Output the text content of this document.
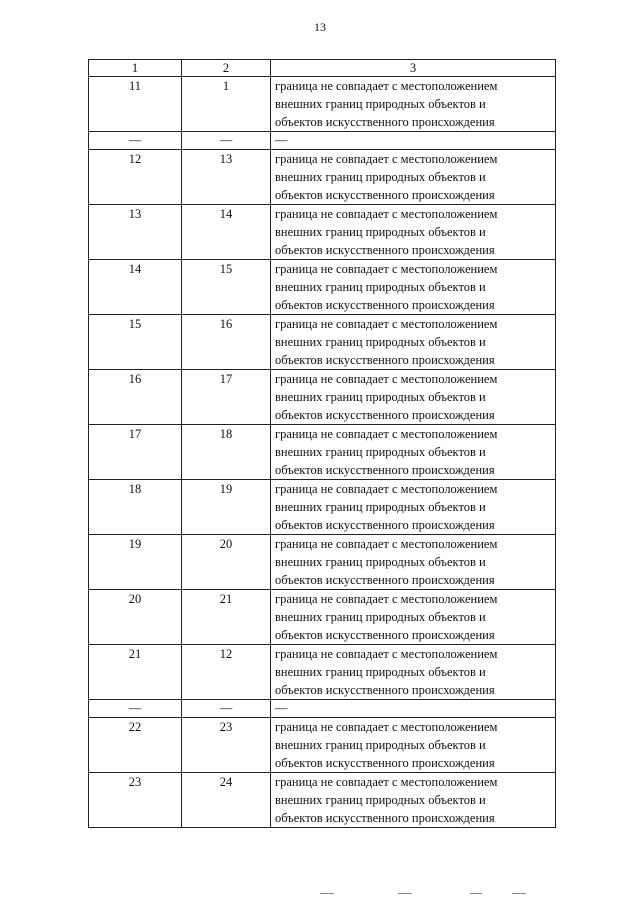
13
1	2	3
11	1	граница не совпадает с местоположением
внешних границ природных объектов и
объектов искусственного происхождения

—	—	—

12	13	граница не совпадает с местоположением
внешних границ природных объектов и
объектов искусственного происхождения

13	14	граница не совпадает с местоположением
внешних границ природных объектов и
объектов искусственного происхождения

14	15	граница не совпадает с местоположением
внешних границ природных объектов и
объектов искусственного происхождения

15	16	граница не совпадает с местоположением
внешних границ природных объектов и
объектов искусственного происхождения

16	17	граница не совпадает с местоположением
внешних границ природных объектов и
объектов искусственного происхождения

17	18	граница не совпадает с местоположением
внешних границ природных объектов и
объектов искусственного происхождения

18	19	граница не совпадает с местоположением
внешних границ природных объектов и
объектов искусственного происхождения

19	20	граница не совпадает с местоположением
внешних границ природных объектов и
объектов искусственного происхождения

20	21	граница не совпадает с местоположением
внешних границ природных объектов и
объектов искусственного происхождения

21	12	граница не совпадает с местоположением
внешних границ природных объектов и
объектов искусственного происхождения

—	—	—

22	23	граница не совпадает с местоположением
внешних границ природных объектов и
объектов искусственного происхождения

23	24	граница не совпадает с местоположением
внешних границ природных объектов и
объектов искусственного происхождения
